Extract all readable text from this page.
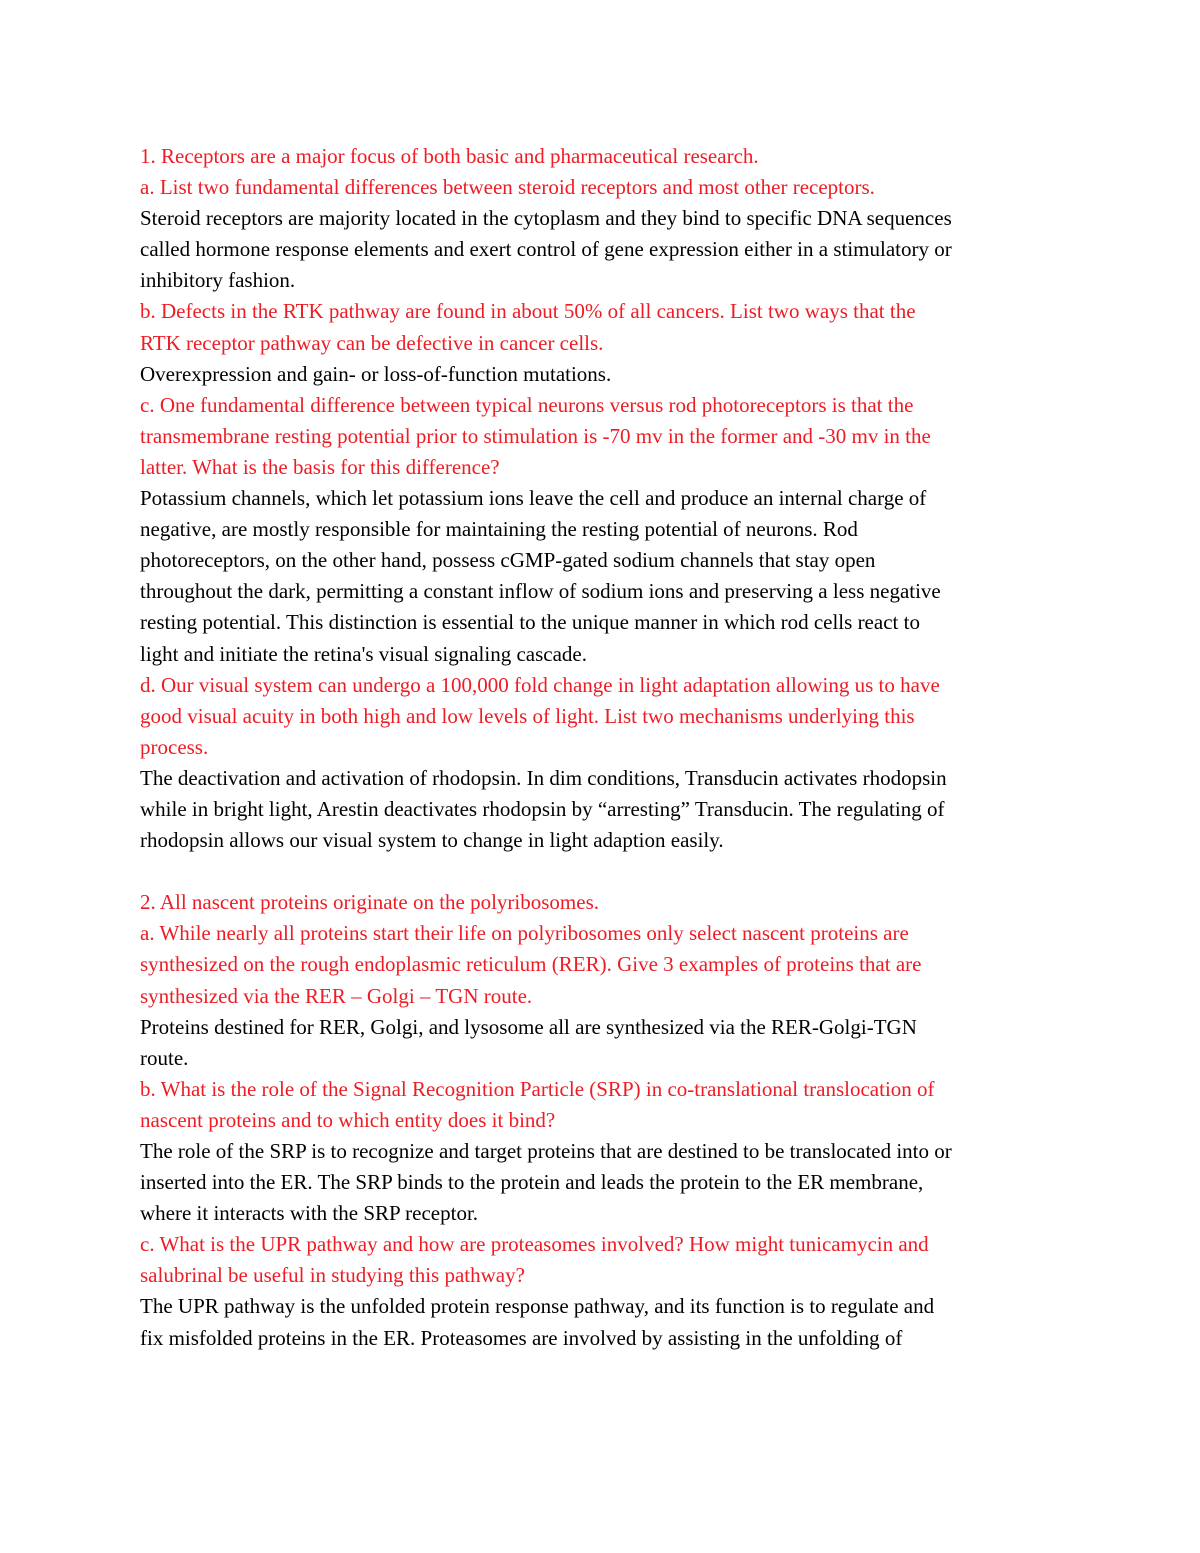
1. Receptors are a major focus of both basic and pharmaceutical research.
a. List two fundamental differences between steroid receptors and most other receptors.
Steroid receptors are majority located in the cytoplasm and they bind to specific DNA sequences
called hormone response elements and exert control of gene expression either in a stimulatory or
inhibitory fashion.
b. Defects in the RTK pathway are found in about 50% of all cancers. List two ways that the
RTK receptor pathway can be defective in cancer cells.
Overexpression and gain- or loss-of-function mutations.
c. One fundamental difference between typical neurons versus rod photoreceptors is that the
transmembrane resting potential prior to stimulation is -70 mv in the former and -30 mv in the
latter. What is the basis for this difference?
Potassium channels, which let potassium ions leave the cell and produce an internal charge of
negative, are mostly responsible for maintaining the resting potential of neurons. Rod
photoreceptors, on the other hand, possess cGMP-gated sodium channels that stay open
throughout the dark, permitting a constant inflow of sodium ions and preserving a less negative
resting potential. This distinction is essential to the unique manner in which rod cells react to
light and initiate the retina's visual signaling cascade.
d. Our visual system can undergo a 100,000 fold change in light adaptation allowing us to have
good visual acuity in both high and low levels of light. List two mechanisms underlying this
process.
The deactivation and activation of rhodopsin. In dim conditions, Transducin activates rhodopsin
while in bright light, Arestin deactivates rhodopsin by “arresting” Transducin. The regulating of
rhodopsin allows our visual system to change in light adaption easily.
2. All nascent proteins originate on the polyribosomes.
a. While nearly all proteins start their life on polyribosomes only select nascent proteins are
synthesized on the rough endoplasmic reticulum (RER). Give 3 examples of proteins that are
synthesized via the RER – Golgi – TGN route.
Proteins destined for RER, Golgi, and lysosome all are synthesized via the RER-Golgi-TGN
route.
b. What is the role of the Signal Recognition Particle (SRP) in co-translational translocation of
nascent proteins and to which entity does it bind?
The role of the SRP is to recognize and target proteins that are destined to be translocated into or
inserted into the ER. The SRP binds to the protein and leads the protein to the ER membrane,
where it interacts with the SRP receptor.
c. What is the UPR pathway and how are proteasomes involved? How might tunicamycin and
salubrinal be useful in studying this pathway?
The UPR pathway is the unfolded protein response pathway, and its function is to regulate and
fix misfolded proteins in the ER. Proteasomes are involved by assisting in the unfolding of
